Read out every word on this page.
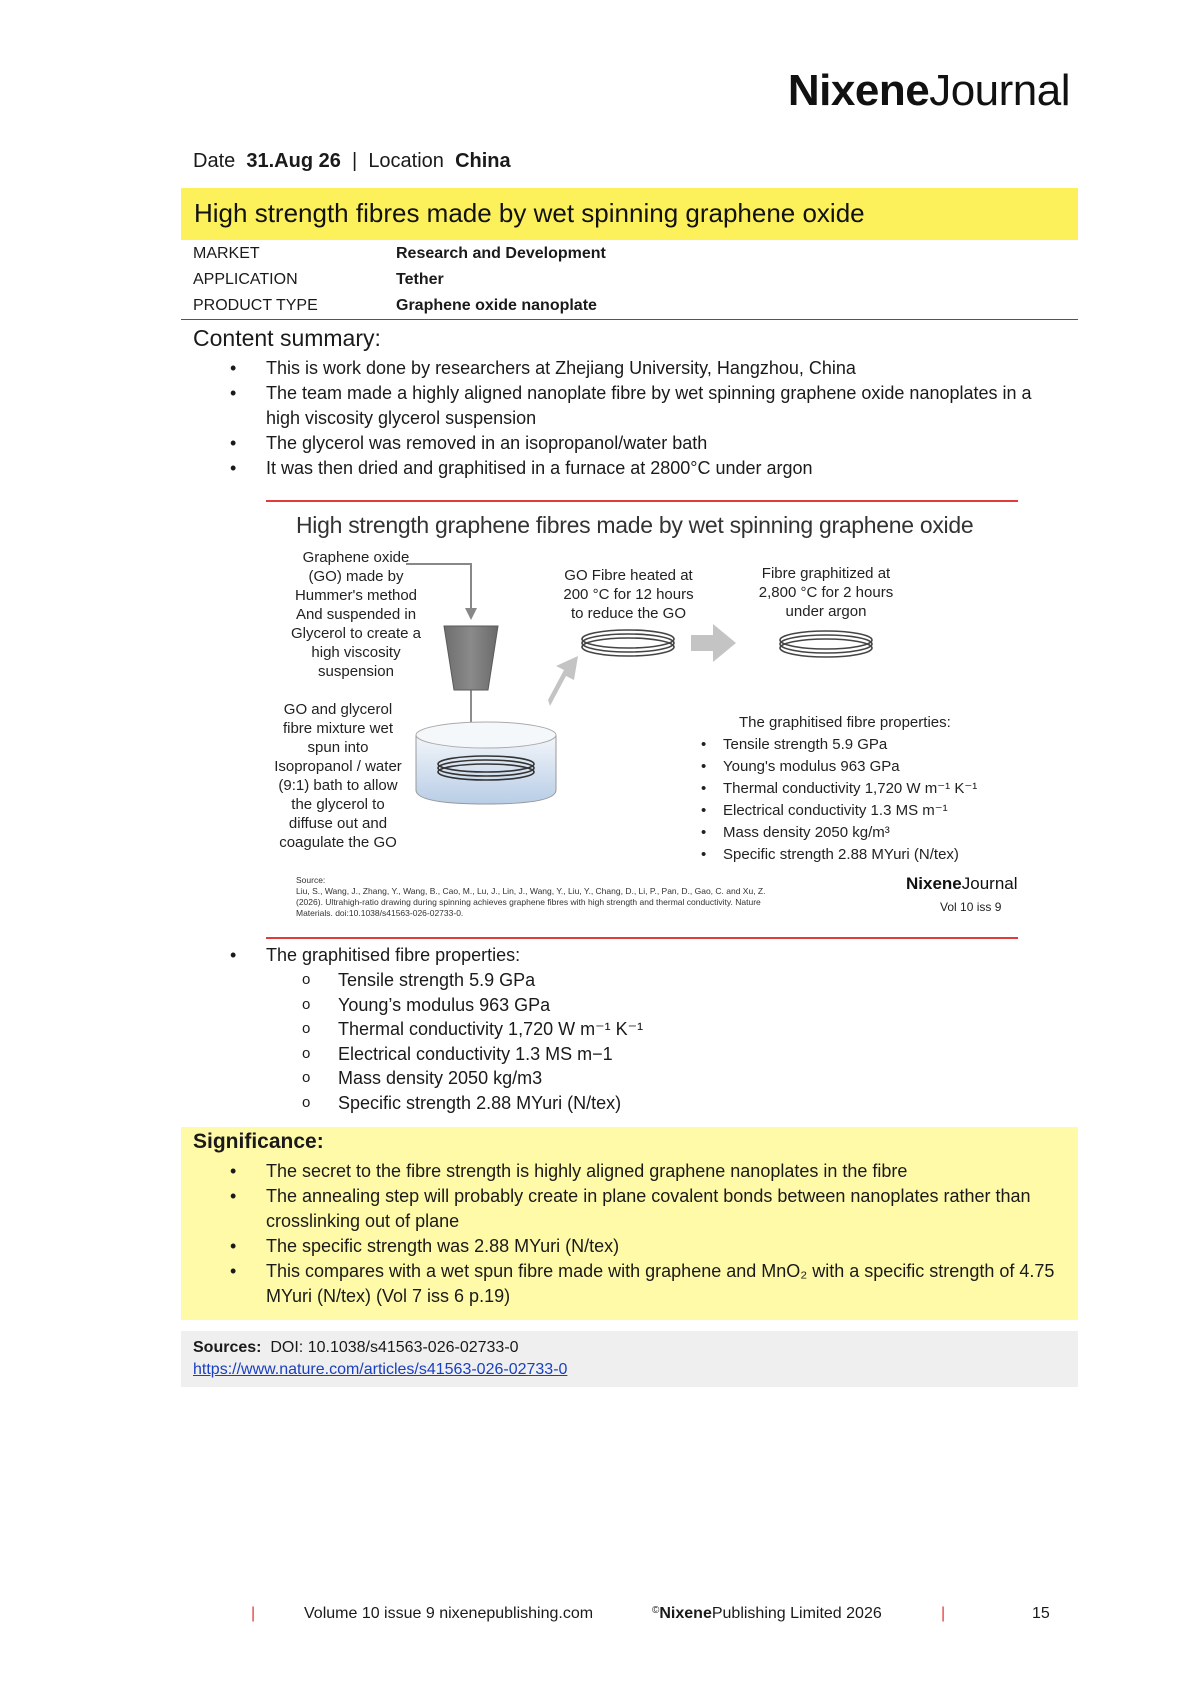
NixeneJournal
Date 31.Aug 26 | Location China
High strength fibres made by wet spinning graphene oxide
MARKET	Research and Development
APPLICATION	Tether
PRODUCT TYPE	Graphene oxide nanoplate
Content summary:
• This is work done by researchers at Zhejiang University, Hangzhou, China
• The team made a highly aligned nanoplate fibre by wet spinning graphene oxide nanoplates in a high viscosity glycerol suspension
• The glycerol was removed in an isopropanol/water bath
• It was then dried and graphitised in a furnace at 2800°C under argon
High strength graphene fibres made by wet spinning graphene oxide
Graphene oxide (GO) made by Hummer's method And suspended in Glycerol to create a high viscosity suspension
GO and glycerol fibre mixture wet spun into Isopropanol / water (9:1) bath to allow the glycerol to diffuse out and coagulate the GO
GO Fibre heated at 200 °C for 12 hours to reduce the GO
Fibre graphitized at 2,800 °C for 2 hours under argon
The graphitised fibre properties:
• Tensile strength 5.9 GPa
• Young's modulus 963 GPa
• Thermal conductivity 1,720 W m⁻¹ K⁻¹
• Electrical conductivity 1.3 MS m⁻¹
• Mass density 2050 kg/m³
• Specific strength 2.88 MYuri (N/tex)
Source:
Liu, S., Wang, J., Zhang, Y., Wang, B., Cao, M., Lu, J., Lin, J., Wang, Y., Liu, Y., Chang, D., Li, P., Pan, D., Gao, C. and Xu, Z. (2026). Ultrahigh-ratio drawing during spinning achieves graphene fibres with high strength and thermal conductivity. Nature Materials. doi:10.1038/s41563-026-02733-0.
NixeneJournal
Vol 10 iss 9
• The graphitised fibre properties:
o Tensile strength 5.9 GPa
o Young’s modulus 963 GPa
o Thermal conductivity 1,720 W m⁻¹ K⁻¹
o Electrical conductivity 1.3 MS m−1
o Mass density 2050 kg/m3
o Specific strength 2.88 MYuri (N/tex)
Significance:
• The secret to the fibre strength is highly aligned graphene nanoplates in the fibre
• The annealing step will probably create in plane covalent bonds between nanoplates rather than crosslinking out of plane
• The specific strength was 2.88 MYuri (N/tex)
• This compares with a wet spun fibre made with graphene and MnO₂ with a specific strength of 4.75 MYuri (N/tex) (Vol 7 iss 6 p.19)
Sources: DOI: 10.1038/s41563-026-02733-0
https://www.nature.com/articles/s41563-026-02733-0
|	Volume 10 issue 9 nixenepublishing.com	©NixenePublishing Limited 2026	|	15
